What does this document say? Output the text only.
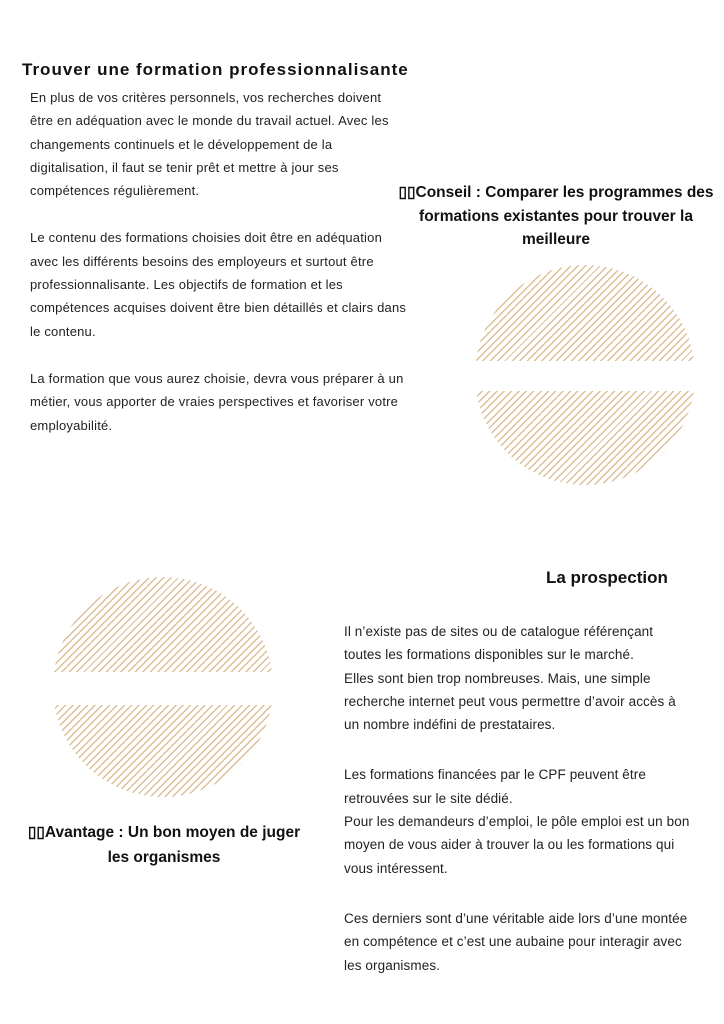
Trouver une formation professionnalisante

En plus de vos critères personnels, vos recherches doivent être en adéquation avec le monde du travail actuel. Avec les changements continuels et le développement de la digitalisation, il faut se tenir prêt et mettre à jour ses compétences régulièrement.

Le contenu des formations choisies doit être en adéquation avec les différents besoins des employeurs et surtout être professionnalisante. Les objectifs de formation et les compétences acquises doivent être bien détaillés et clairs dans le contenu.

La formation que vous aurez choisie, devra vous préparer à un métier, vous apporter de vraies perspectives et favoriser votre employabilité.

▯▯Conseil : Comparer les programmes des formations existantes pour trouver la meilleure
La prospection
▯▯Avantage : Un bon moyen de juger les organismes

Il n’existe pas de sites ou de catalogue référençant toutes les formations disponibles sur le marché.

Elles sont bien trop nombreuses. Mais, une simple recherche internet peut vous permettre d’avoir accès à un nombre indéfini de prestataires.

Les formations financées par le CPF peuvent être retrouvées sur le site dédié.

Pour les demandeurs d’emploi, le pôle emploi est un bon moyen de vous aider à trouver la ou les formations qui vous intéressent.

Ces derniers sont d’une véritable aide lors d’une montée en compétence et c’est une aubaine pour interagir avec les organismes.
